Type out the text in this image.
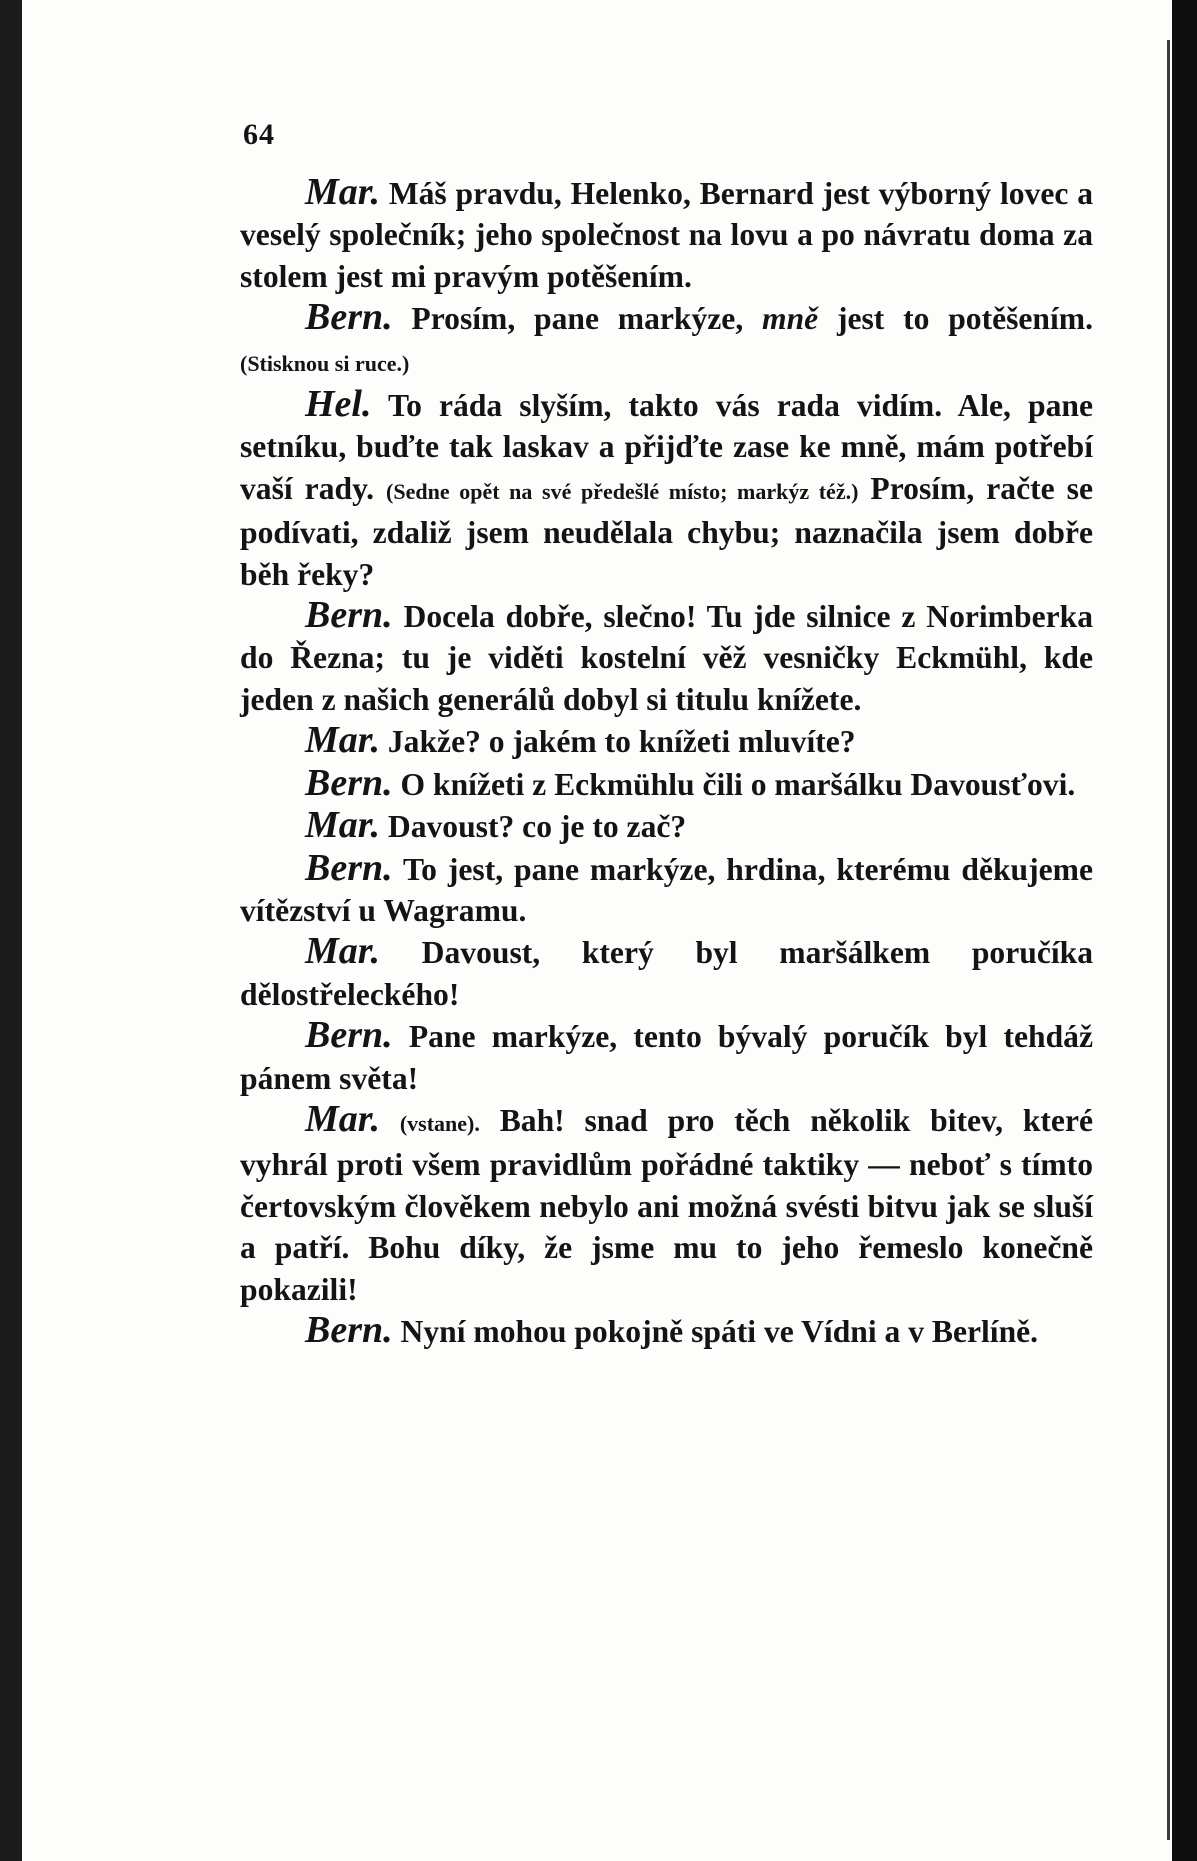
64

Mar. Máš pravdu, Helenko, Bernard jest výborný lovec a veselý společník; jeho společnost na lovu a po návratu doma za stolem jest mi pravým potěšením.

Bern. Prosím, pane markýze, mně jest to potěšením. (Stisknou si ruce.)

Hel. To ráda slyším, takto vás rada vidím. Ale, pane setníku, buďte tak laskav a přijďte zase ke mně, mám potřebí vaší rady. (Sedne opět na své předešlé místo; markýz též.) Prosím, račte se podívati, zdaliž jsem neudělala chybu; naznačila jsem dobře běh řeky?

Bern. Docela dobře, slečno! Tu jde silnice z Norimberka do Řezna; tu je viděti kostelní věž vesničky Eckmühl, kde jeden z našich generálů dobyl si titulu knížete.

Mar. Jakže? o jakém to knížeti mluvíte?

Bern. O knížeti z Eckmühlu čili o maršálku Davousťovi.

Mar. Davoust? co je to zač?

Bern. To jest, pane markýze, hrdina, kterému děkujeme vítězství u Wagramu.

Mar. Davoust, který byl maršálkem poručíka dělostřeleckého!

Bern. Pane markýze, tento bývalý poručík byl tehdáž pánem světa!

Mar. (vstane). Bah! snad pro těch několik bitev, které vyhrál proti všem pravidlům pořádné taktiky — neboť s tímto čertovským člověkem nebylo ani možná svésti bitvu jak se sluší a patří. Bohu díky, že jsme mu to jeho řemeslo konečně pokazili!

Bern. Nyní mohou pokojně spáti ve Vídni a v Berlíně.
